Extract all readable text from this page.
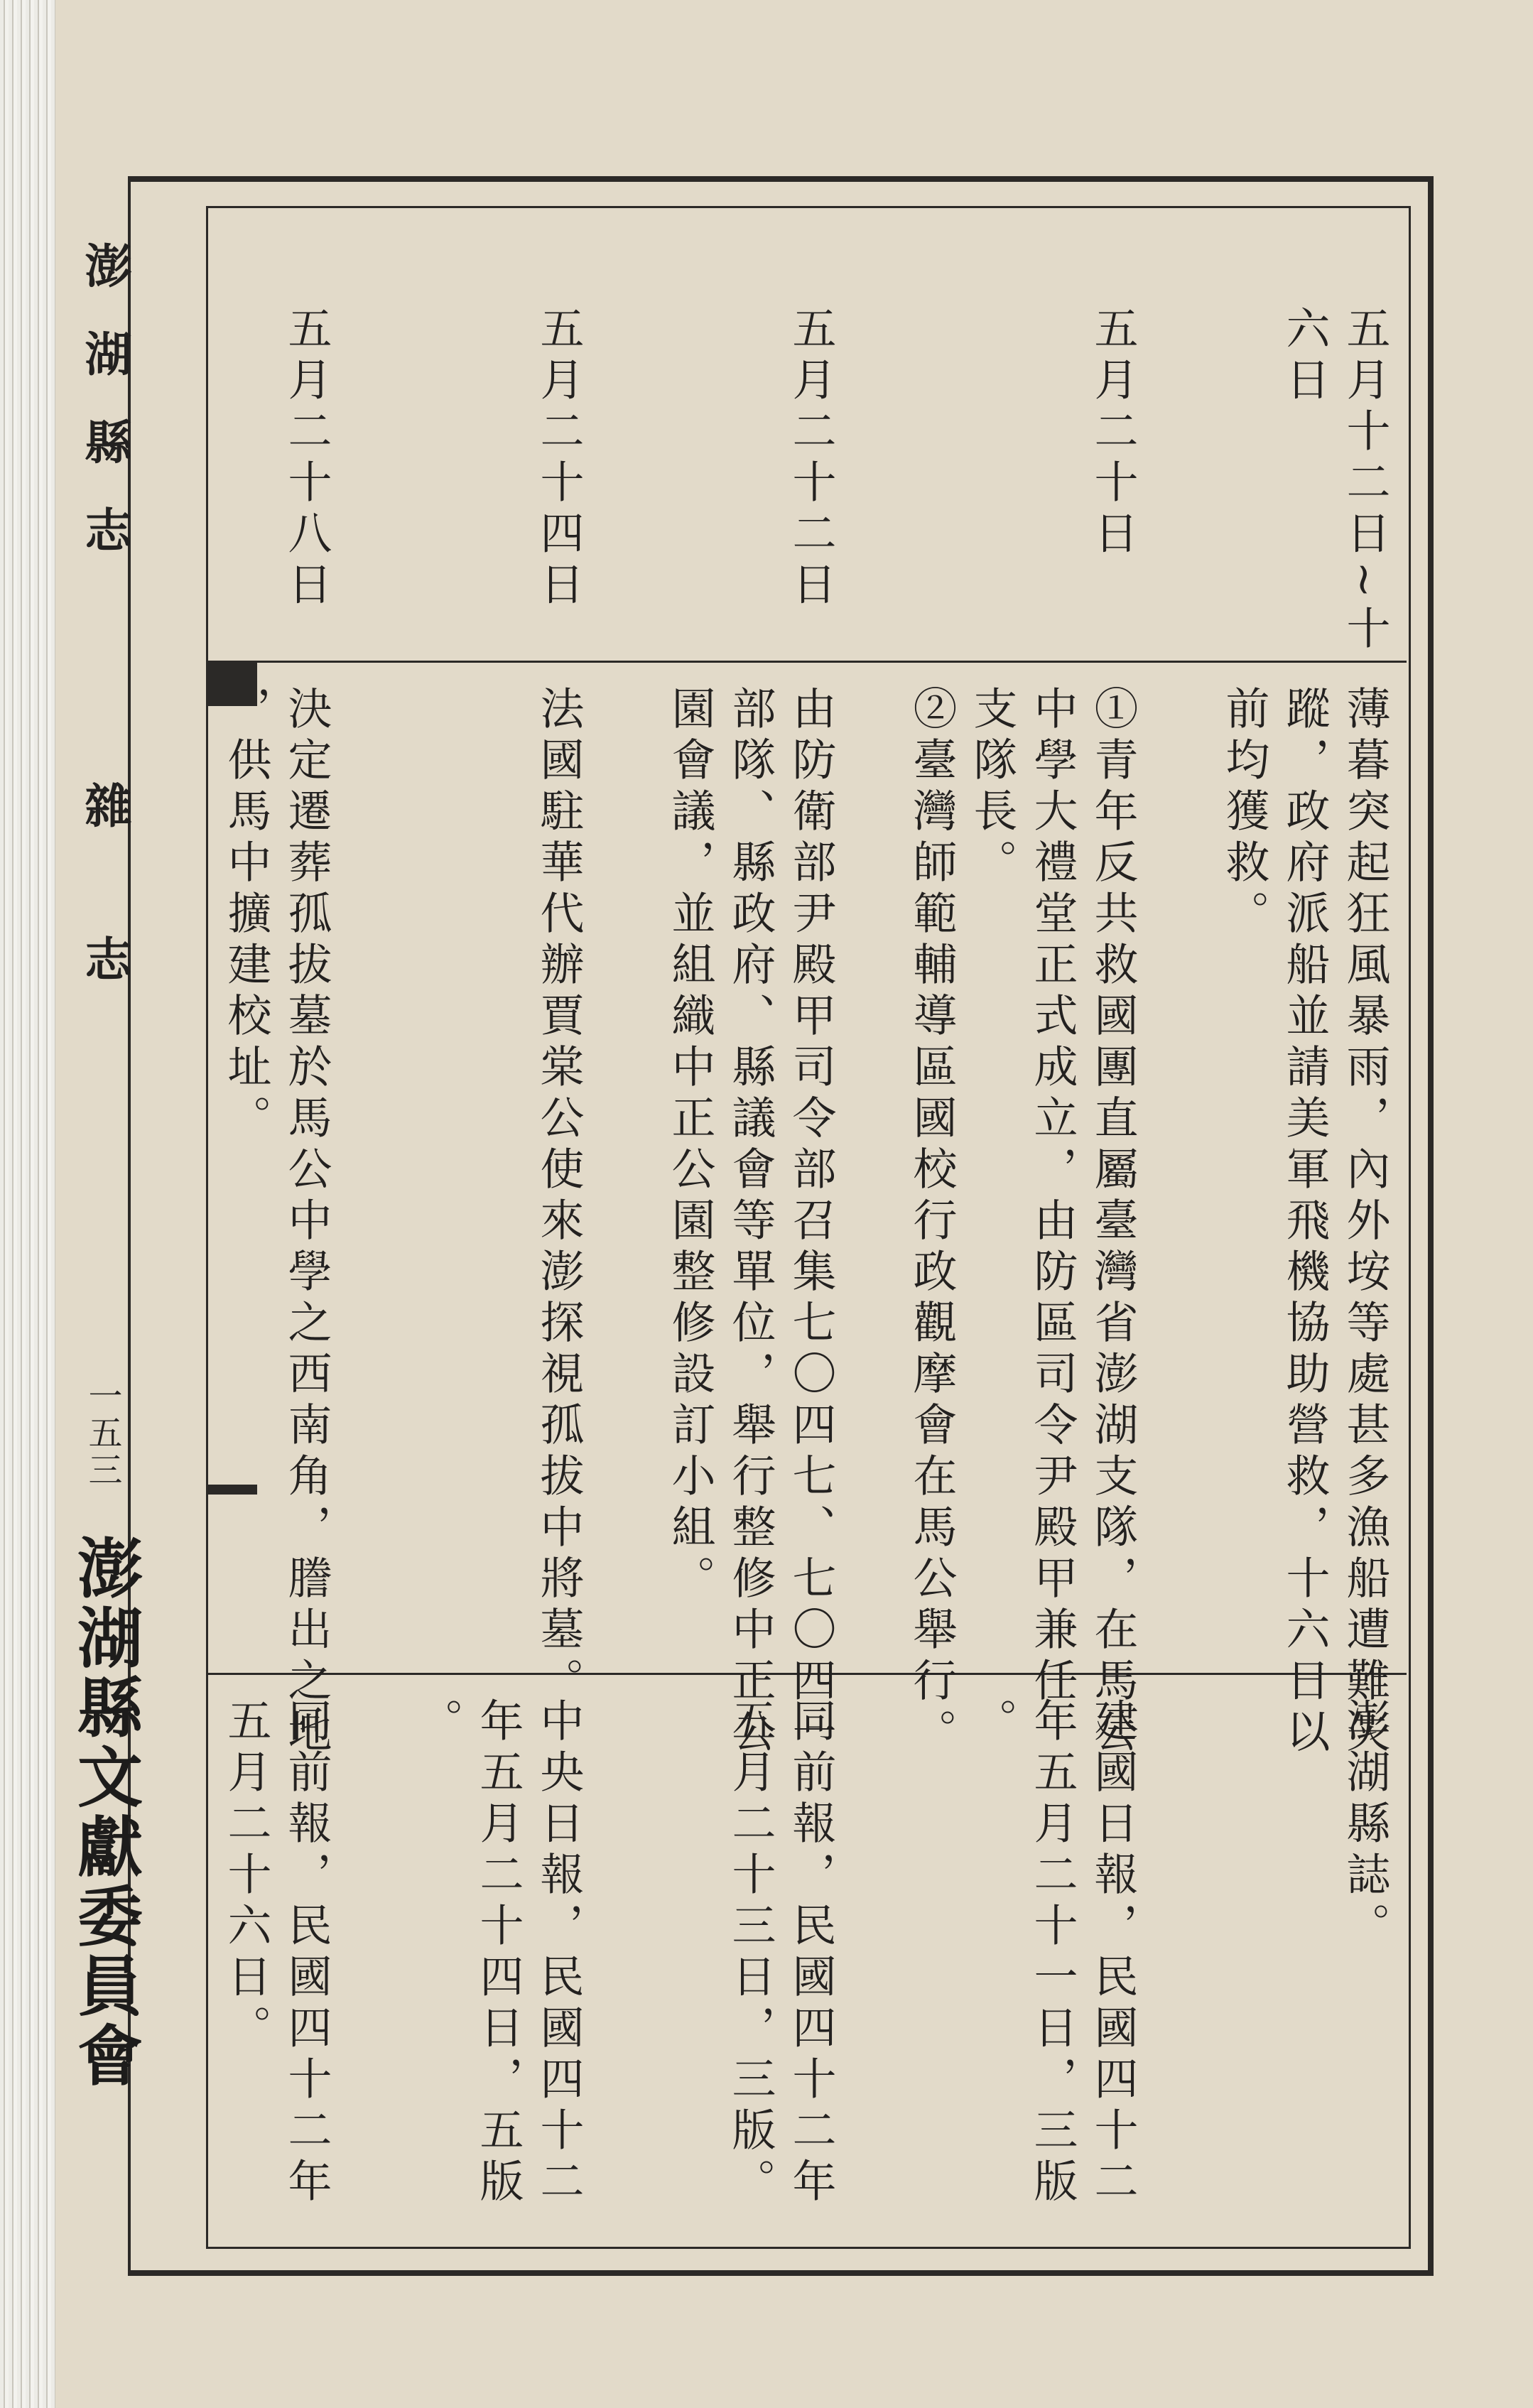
澎湖縣志
雜志
一五三
澎湖縣文獻委員會
五月十二日~十
六日
薄暮突起狂風暴雨，內外垵等處甚多漁船遭難失
蹤，政府派船並請美軍飛機協助營救，十六日以
前均獲救。
澎湖縣誌。
五月二十日
①青年反共救國團直屬臺灣省澎湖支隊，在馬公
中學大禮堂正式成立，由防區司令尹殿甲兼任
支隊長。
②臺灣師範輔導區國校行政觀摩會在馬公舉行。
建國日報，民國四十二
年五月二十一日，三版
。
五月二十二日
由防衛部尹殿甲司令部召集七〇四七、七〇四一
部隊、縣政府、縣議會等單位，舉行整修中正公
園會議，並組織中正公園整修設訂小組。
同前報，民國四十二年
五月二十三日，三版。
五月二十四日
法國駐華代辦賈棠公使來澎探視孤拔中將墓。
中央日報，民國四十二
年五月二十四日，五版
。
五月二十八日
決定遷葬孤拔墓於馬公中學之西南角，謄出之地
，供馬中擴建校址。
同前報，民國四十二年
五月二十六日。
